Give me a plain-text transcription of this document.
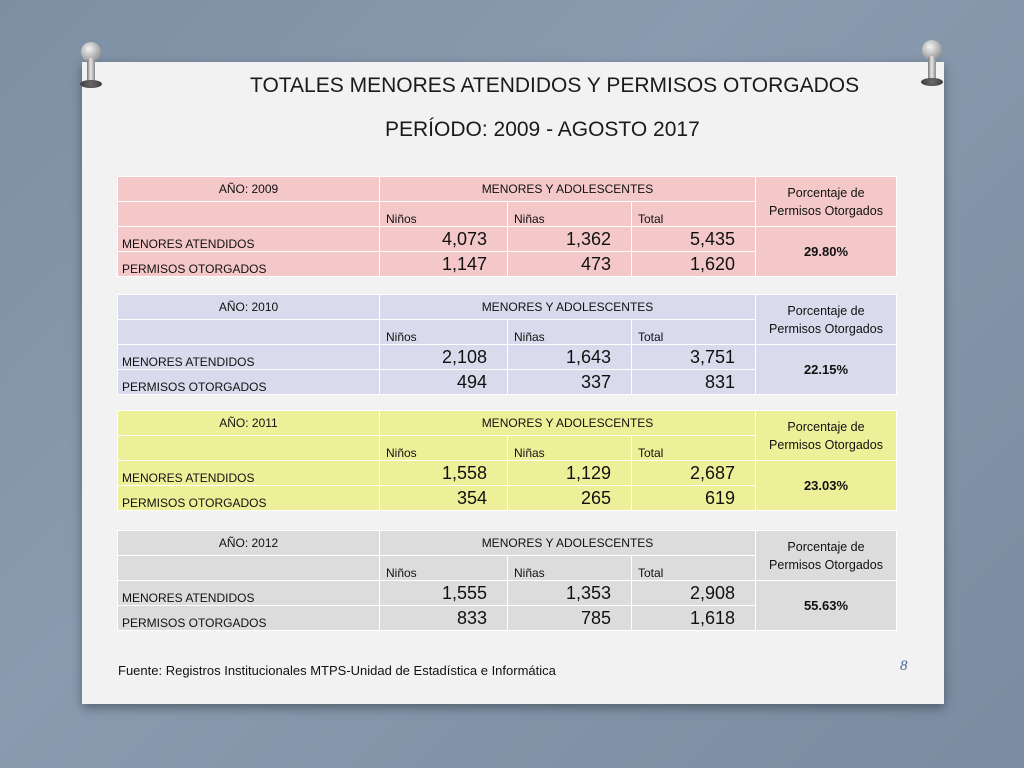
TOTALES MENORES ATENDIDOS Y PERMISOS OTORGADOS
PERÍODO: 2009 - AGOSTO 2017
AÑO: 2009	MENORES Y ADOLESCENTES			Porcentaje de Permisos Otorgados
	Niños	Niñas	Total	
MENORES ATENDIDOS	4,073	1,362	5,435	29.80%
PERMISOS OTORGADOS	1,147	473	1,620	
AÑO: 2010	MENORES Y ADOLESCENTES			Porcentaje de Permisos Otorgados
	Niños	Niñas	Total	
MENORES ATENDIDOS	2,108	1,643	3,751	22.15%
PERMISOS OTORGADOS	494	337	831	
AÑO: 2011	MENORES Y ADOLESCENTES			Porcentaje de Permisos Otorgados
	Niños	Niñas	Total	
MENORES ATENDIDOS	1,558	1,129	2,687	23.03%
PERMISOS OTORGADOS	354	265	619	
AÑO: 2012	MENORES Y ADOLESCENTES			Porcentaje de Permisos Otorgados
	Niños	Niñas	Total	
MENORES ATENDIDOS	1,555	1,353	2,908	55.63%
PERMISOS OTORGADOS	833	785	1,618	
Fuente: Registros Institucionales MTPS-Unidad de Estadística e Informática	8
